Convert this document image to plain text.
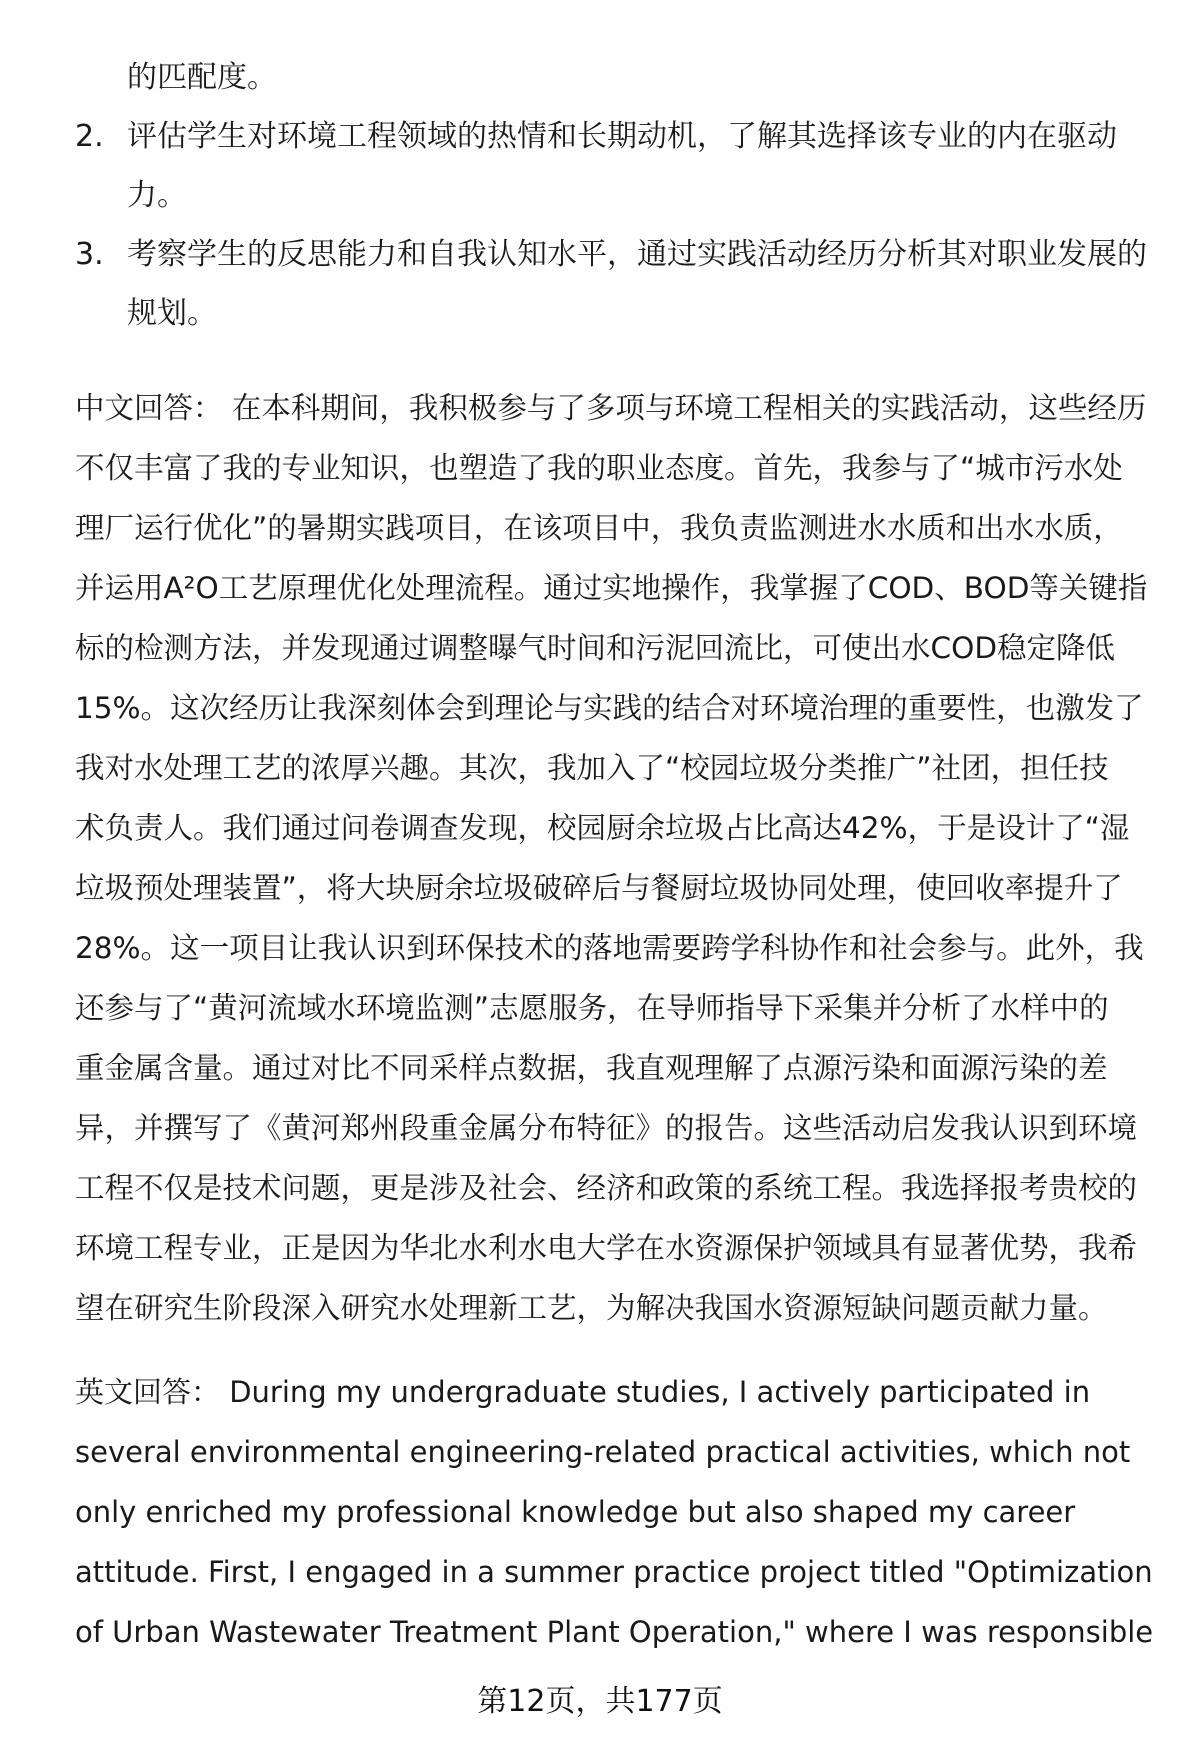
的匹配度。
2. 评估学生对环境工程领域的热情和长期动机，了解其选择该专业的内在驱动
力。
3. 考察学生的反思能力和自我认知水平，通过实践活动经历分析其对职业发展的
规划。
中文回答： 在本科期间，我积极参与了多项与环境工程相关的实践活动，这些经历
不仅丰富了我的专业知识，也塑造了我的职业态度。首先，我参与了“城市污水处
理厂运行优化”的暑期实践项目，在该项目中，我负责监测进水水质和出水水质，
并运用A²O工艺原理优化处理流程。通过实地操作，我掌握了COD、BOD等关键指
标的检测方法，并发现通过调整曝气时间和污泥回流比，可使出水COD稳定降低
15%。这次经历让我深刻体会到理论与实践的结合对环境治理的重要性，也激发了
我对水处理工艺的浓厚兴趣。其次，我加入了“校园垃圾分类推广”社团，担任技
术负责人。我们通过问卷调查发现，校园厨余垃圾占比高达42%，于是设计了“湿
垃圾预处理装置”，将大块厨余垃圾破碎后与餐厨垃圾协同处理，使回收率提升了
28%。这一项目让我认识到环保技术的落地需要跨学科协作和社会参与。此外，我
还参与了“黄河流域水环境监测”志愿服务，在导师指导下采集并分析了水样中的
重金属含量。通过对比不同采样点数据，我直观理解了点源污染和面源污染的差
异，并撰写了《黄河郑州段重金属分布特征》的报告。这些活动启发我认识到环境
工程不仅是技术问题，更是涉及社会、经济和政策的系统工程。我选择报考贵校的
环境工程专业，正是因为华北水利水电大学在水资源保护领域具有显著优势，我希
望在研究生阶段深入研究水处理新工艺，为解决我国水资源短缺问题贡献力量。
英文回答： During my undergraduate studies, I actively participated in
several environmental engineering-related practical activities, which not
only enriched my professional knowledge but also shaped my career
attitude. First, I engaged in a summer practice project titled "Optimization
of Urban Wastewater Treatment Plant Operation," where I was responsible
第12页，共177页
